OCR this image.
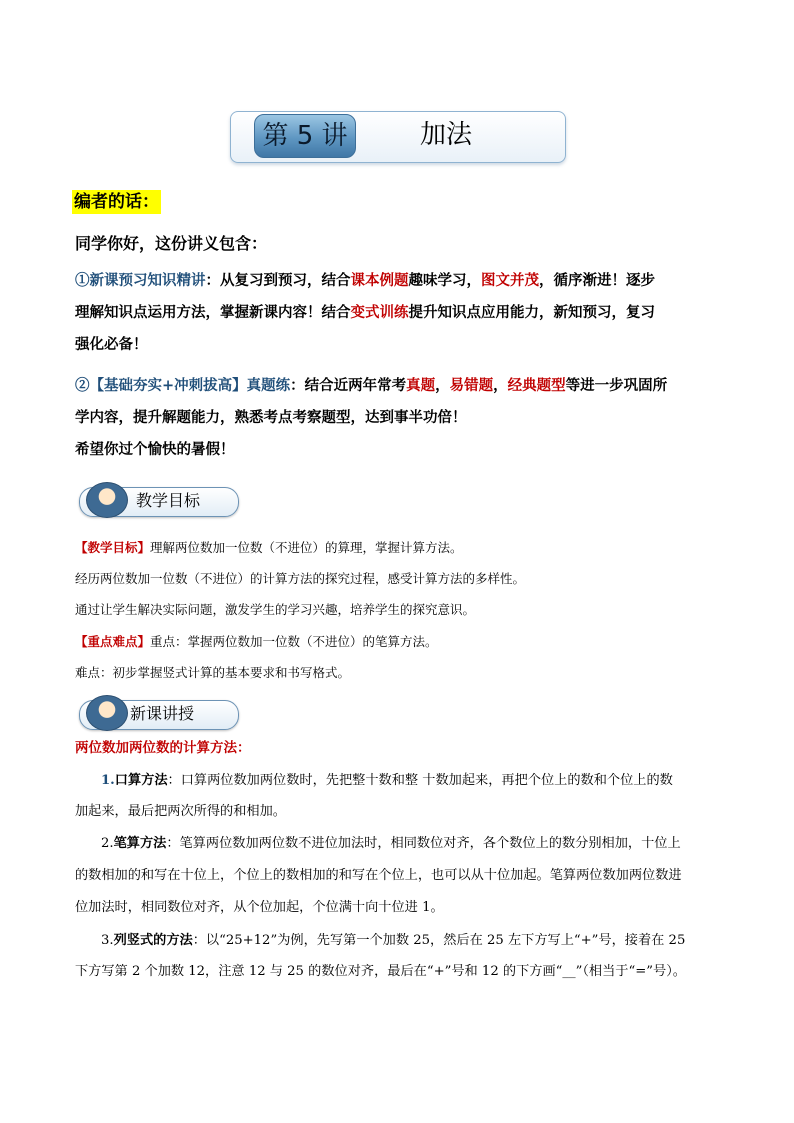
第 5 讲	加法
编者的话：
同学你好，这份讲义包含：
①新课预习知识精讲：从复习到预习，结合课本例题趣味学习，图文并茂，循序渐进！逐步
理解知识点运用方法，掌握新课内容！结合变式训练提升知识点应用能力，新知预习，复习
强化必备！
②【基础夯实+冲刺拔高】真题练：结合近两年常考真题，易错题，经典题型等进一步巩固所
学内容，提升解题能力，熟悉考点考察题型，达到事半功倍！
希望你过个愉快的暑假！
教学目标
【教学目标】理解两位数加一位数（不进位）的算理，掌握计算方法。
经历两位数加一位数（不进位）的计算方法的探究过程，感受计算方法的多样性。
通过让学生解决实际问题，激发学生的学习兴趣，培养学生的探究意识。
【重点难点】重点：掌握两位数加一位数（不进位）的笔算方法。
难点：初步掌握竖式计算的基本要求和书写格式。
新课讲授
两位数加两位数的计算方法：
1.口算方法：口算两位数加两位数时，先把整十数和整 十数加起来，再把个位上的数和个位上的数
加起来，最后把两次所得的和相加。
2.笔算方法：笔算两位数加两位数不进位加法时，相同数位对齐，各个数位上的数分别相加，十位上
的数相加的和写在十位上，个位上的数相加的和写在个位上，也可以从十位加起。笔算两位数加两位数进
位加法时，相同数位对齐，从个位加起，个位满十向十位进 1。
3.列竖式的方法：以“25+12”为例，先写第一个加数 25，然后在 25 左下方写上“+”号，接着在 25
下方写第 2 个加数 12，注意 12 与 25 的数位对齐，最后在“+”号和 12 的下方画“__”（相当于“=”号）。
